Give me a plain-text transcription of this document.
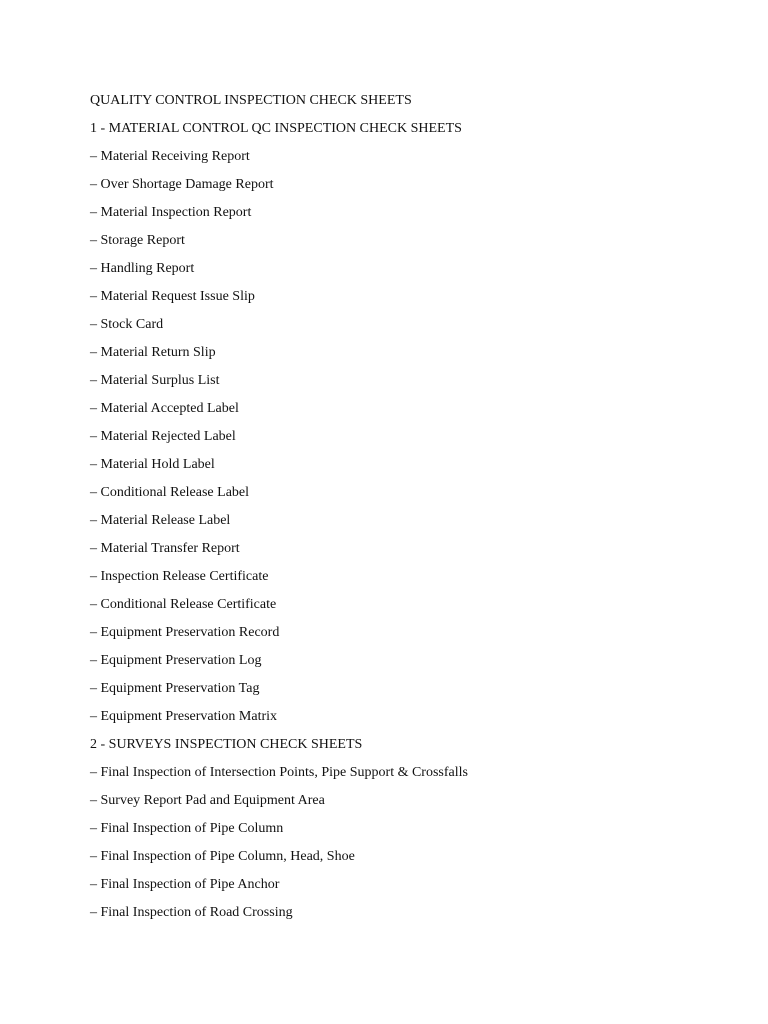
QUALITY CONTROL INSPECTION CHECK SHEETS
1 - MATERIAL CONTROL QC INSPECTION CHECK SHEETS
– Material Receiving Report
– Over Shortage Damage Report
– Material Inspection Report
– Storage Report
– Handling Report
– Material Request Issue Slip
– Stock Card
– Material Return Slip
– Material Surplus List
– Material Accepted Label
– Material Rejected Label
– Material Hold Label
– Conditional Release Label
– Material Release Label
– Material Transfer Report
– Inspection Release Certificate
– Conditional Release Certificate
– Equipment Preservation Record
– Equipment Preservation Log
– Equipment Preservation Tag
– Equipment Preservation Matrix
2 - SURVEYS INSPECTION CHECK SHEETS
– Final Inspection of Intersection Points, Pipe Support & Crossfalls
– Survey Report Pad and Equipment Area
– Final Inspection of Pipe Column
– Final Inspection of Pipe Column, Head, Shoe
– Final Inspection of Pipe Anchor
– Final Inspection of Road Crossing
